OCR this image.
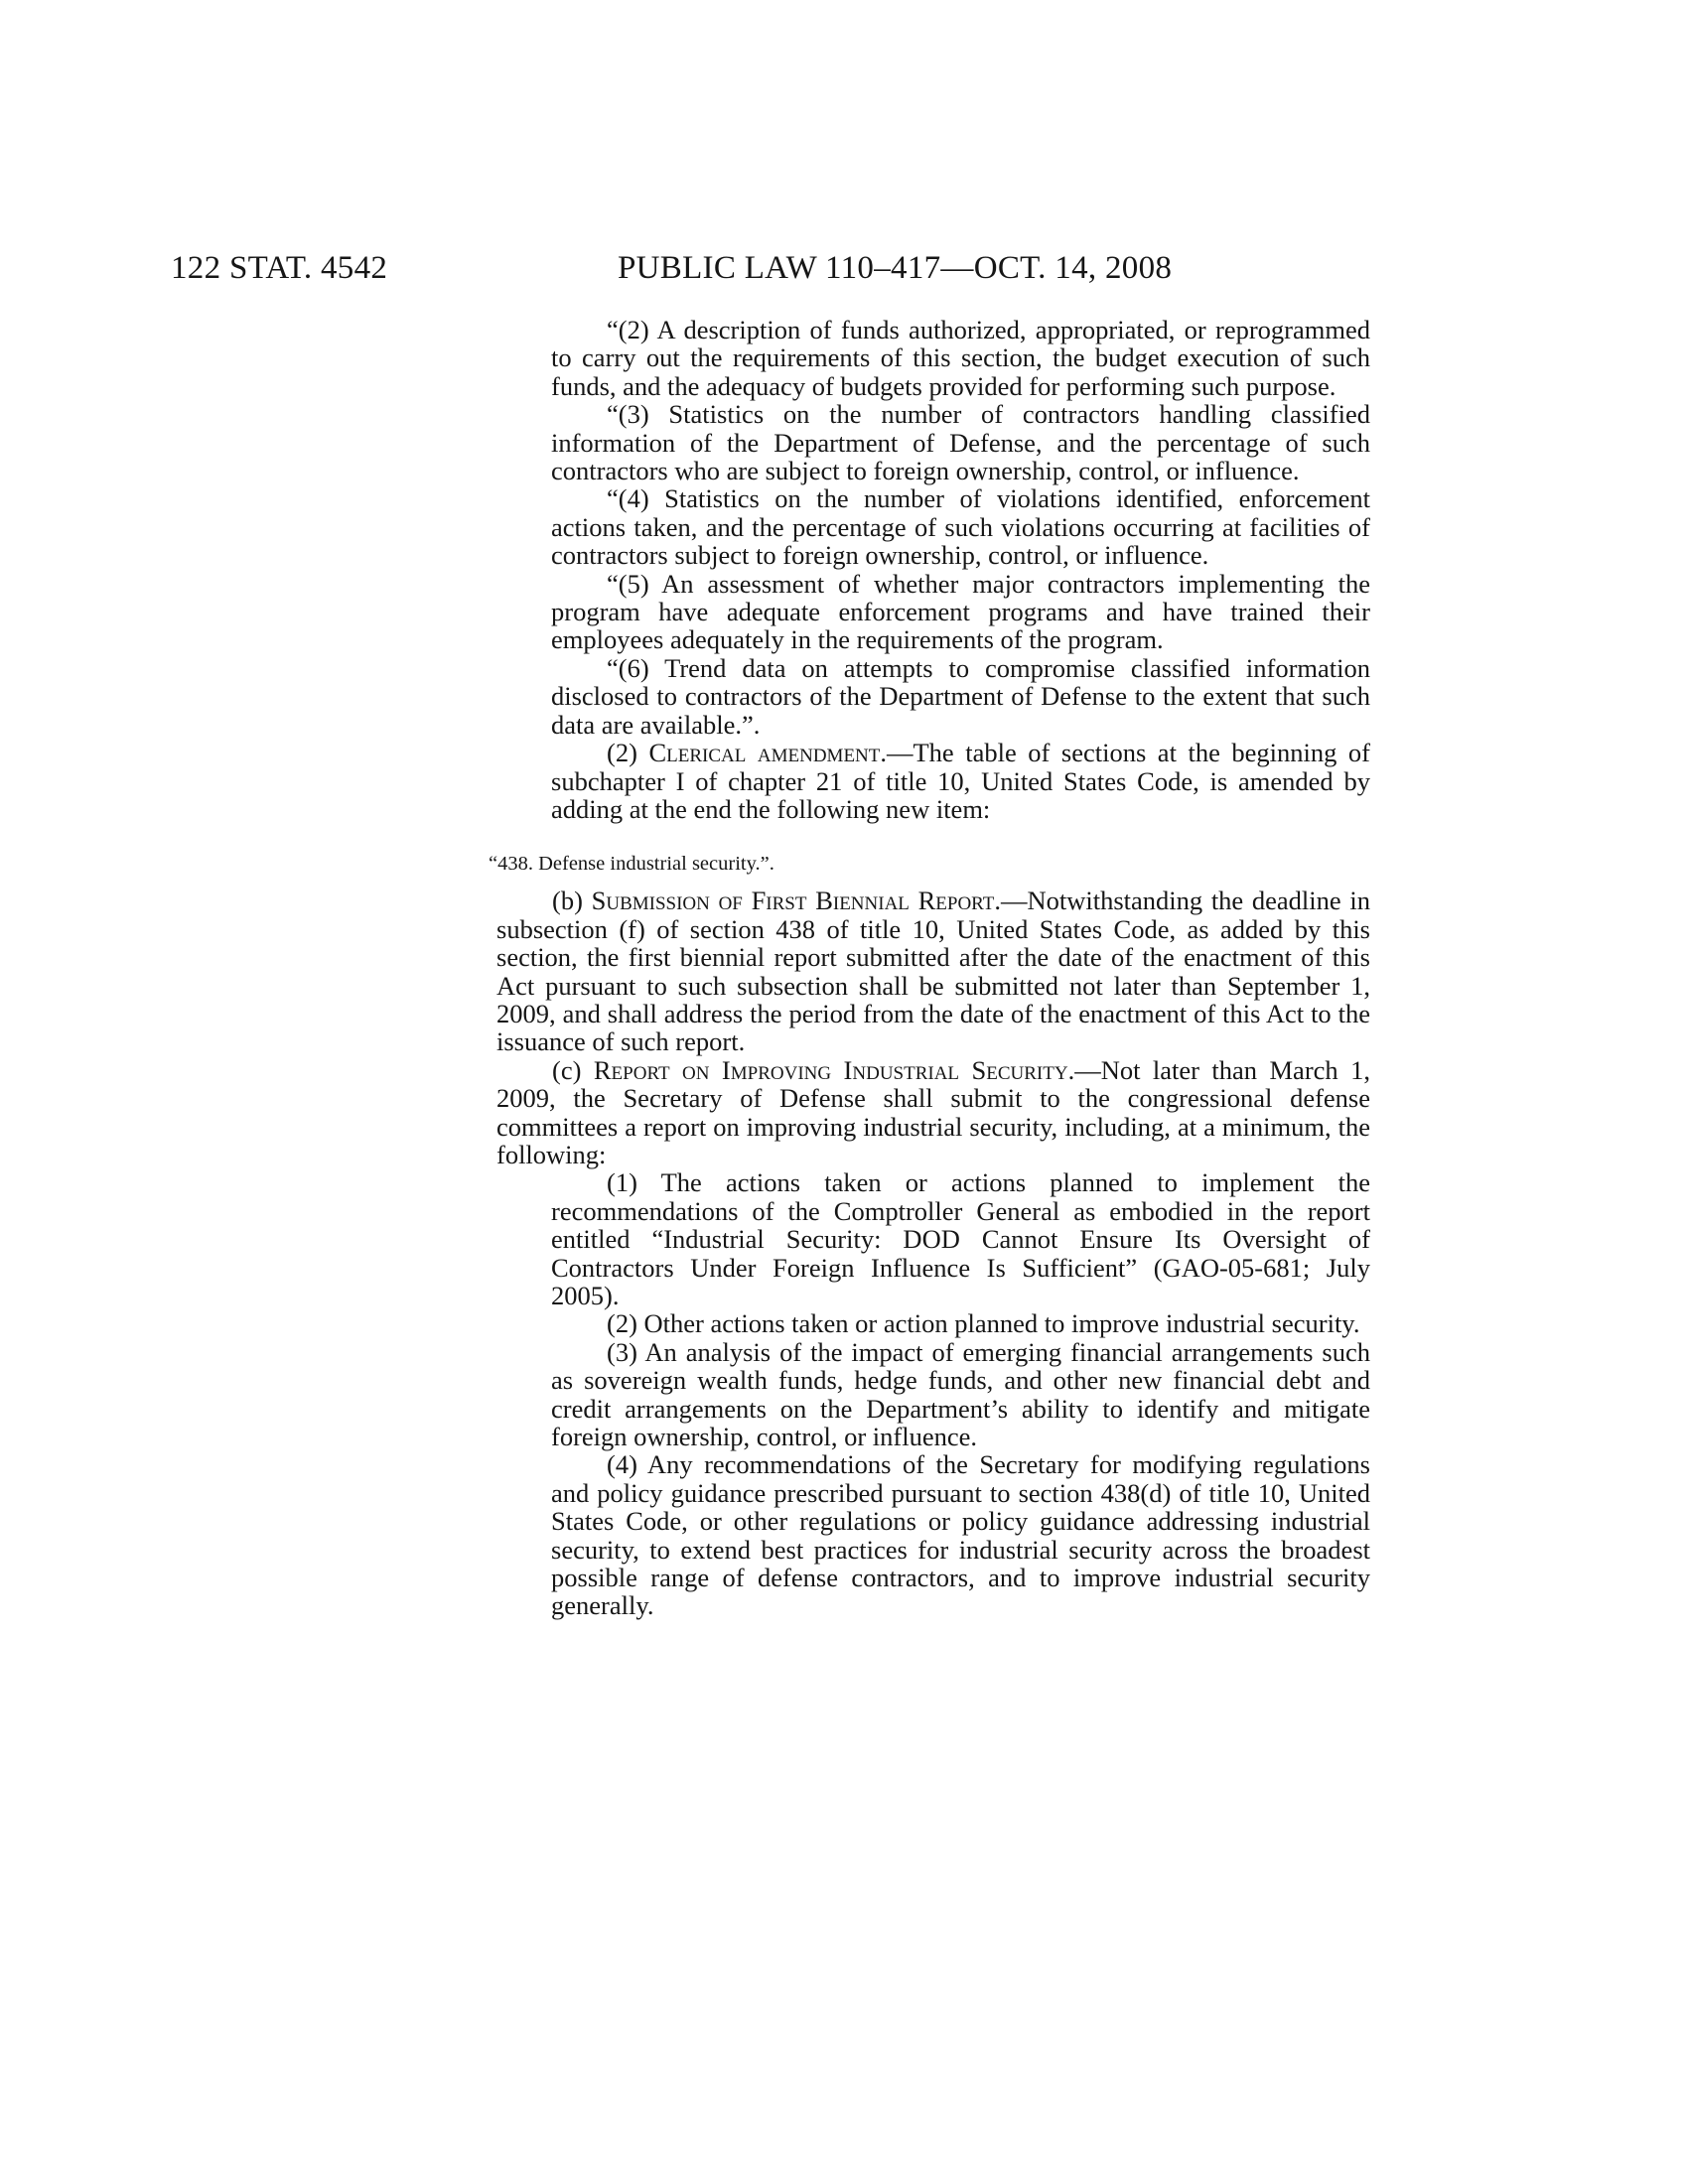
122 STAT. 4542	PUBLIC LAW 110–417—OCT. 14, 2008

“(2) A description of funds authorized, appropriated, or reprogrammed to carry out the requirements of this section, the budget execution of such funds, and the adequacy of budgets provided for performing such purpose.

“(3) Statistics on the number of contractors handling classified information of the Department of Defense, and the percentage of such contractors who are subject to foreign ownership, control, or influence.

“(4) Statistics on the number of violations identified, enforcement actions taken, and the percentage of such violations occurring at facilities of contractors subject to foreign ownership, control, or influence.

“(5) An assessment of whether major contractors implementing the program have adequate enforcement programs and have trained their employees adequately in the requirements of the program.

“(6) Trend data on attempts to compromise classified information disclosed to contractors of the Department of Defense to the extent that such data are available.”.

(2) Clerical amendment.—The table of sections at the beginning of subchapter I of chapter 21 of title 10, United States Code, is amended by adding at the end the following new item:

“438. Defense industrial security.”.

(b) Submission of First Biennial Report.—Notwithstanding the deadline in subsection (f) of section 438 of title 10, United States Code, as added by this section, the first biennial report submitted after the date of the enactment of this Act pursuant to such subsection shall be submitted not later than September 1, 2009, and shall address the period from the date of the enactment of this Act to the issuance of such report.

(c) Report on Improving Industrial Security.—Not later than March 1, 2009, the Secretary of Defense shall submit to the congressional defense committees a report on improving industrial security, including, at a minimum, the following:

(1) The actions taken or actions planned to implement the recommendations of the Comptroller General as embodied in the report entitled “Industrial Security: DOD Cannot Ensure Its Oversight of Contractors Under Foreign Influence Is Sufficient” (GAO-05-681; July 2005).

(2) Other actions taken or action planned to improve industrial security.

(3) An analysis of the impact of emerging financial arrangements such as sovereign wealth funds, hedge funds, and other new financial debt and credit arrangements on the Department’s ability to identify and mitigate foreign ownership, control, or influence.

(4) Any recommendations of the Secretary for modifying regulations and policy guidance prescribed pursuant to section 438(d) of title 10, United States Code, or other regulations or policy guidance addressing industrial security, to extend best practices for industrial security across the broadest possible range of defense contractors, and to improve industrial security generally.
